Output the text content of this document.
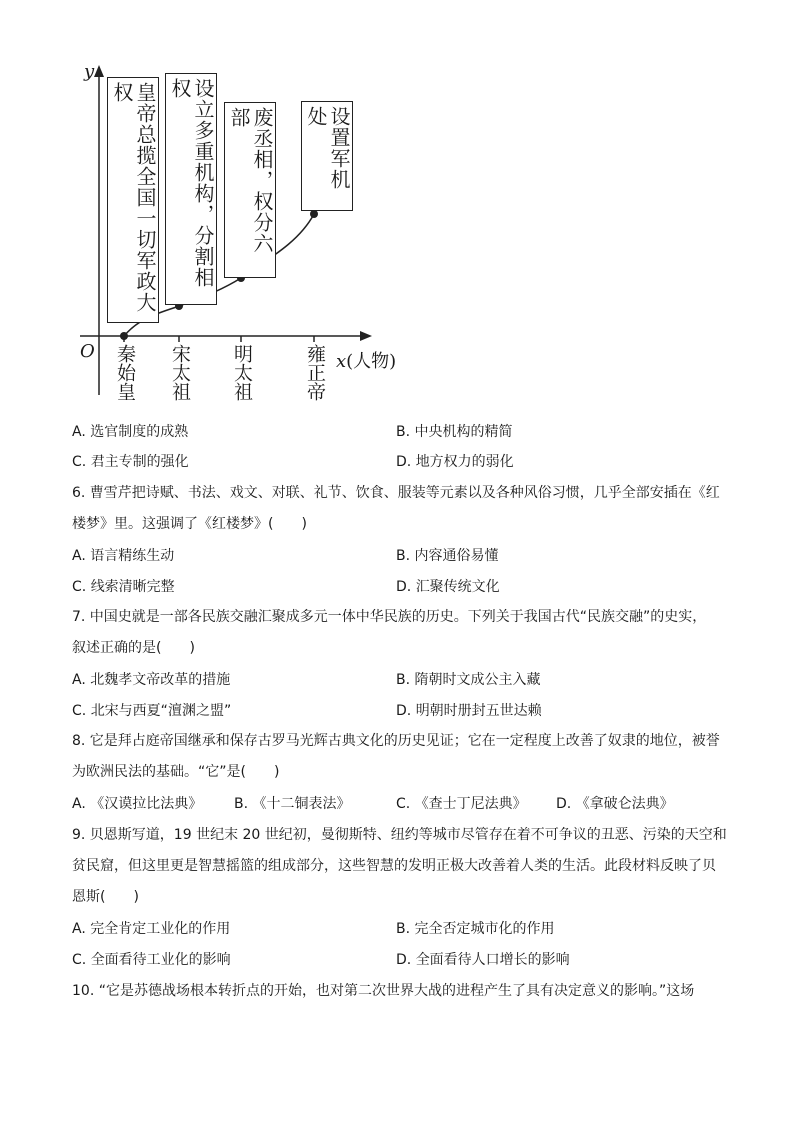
y
O	x(人物)
皇帝总揽全国一切军政大权	设立多重机构，分割相权
废丞相，权分六部	设置军机处
秦始皇 宋太祖 明太祖	雍正帝
A. 选官制度的成熟	B. 中央机构的精简
C. 君主专制的强化	D. 地方权力的弱化
6. 曹雪芹把诗赋、书法、戏文、对联、礼节、饮食、服装等元素以及各种风俗习惯，几乎全部安插在《红
楼梦》里。这强调了《红楼梦》(　　)
A. 语言精练生动	B. 内容通俗易懂
C. 线索清晰完整	D. 汇聚传统文化
7. 中国史就是一部各民族交融汇聚成多元一体中华民族的历史。下列关于我国古代“民族交融”的史实，
叙述正确的是(　　)
A. 北魏孝文帝改革的措施	B. 隋朝时文成公主入藏
C. 北宋与西夏“澶渊之盟”	D. 明朝时册封五世达赖
8. 它是拜占庭帝国继承和保存古罗马光辉古典文化的历史见证；它在一定程度上改善了奴隶的地位，被誉
为欧洲民法的基础。“它”是(　　)
A. 《汉谟拉比法典》 B. 《十二铜表法》	C. 《查士丁尼法典》 D. 《拿破仑法典》
9. 贝恩斯写道，19 世纪末 20 世纪初，曼彻斯特、纽约等城市尽管存在着不可争议的丑恶、污染的天空和
贫民窟，但这里更是智慧摇篮的组成部分，这些智慧的发明正极大改善着人类的生活。此段材料反映了贝
恩斯(　　)
A. 完全肯定工业化的作用	B. 完全否定城市化的作用
C. 全面看待工业化的影响	D. 全面看待人口增长的影响
10. “它是苏德战场根本转折点的开始，也对第二次世界大战的进程产生了具有决定意义的影响。”这场
